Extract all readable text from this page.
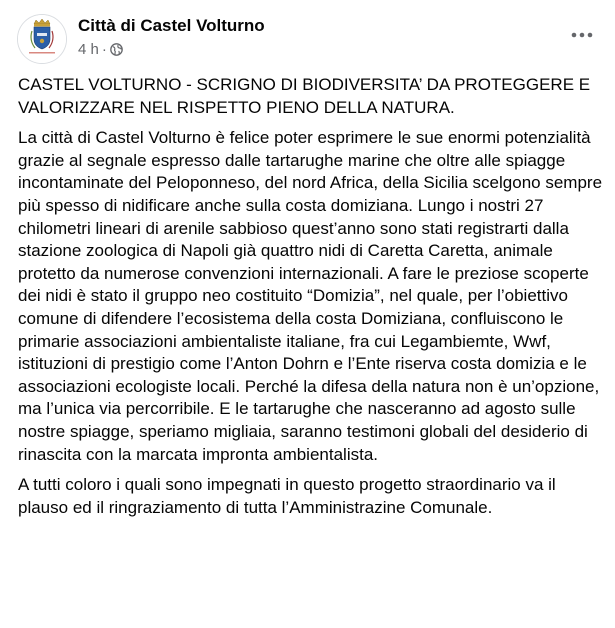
Città di Castel Volturno
4 h ·

CASTEL VOLTURNO - SCRIGNO DI BIODIVERSITA’ DA PROTEGGERE E VALORIZZARE NEL RISPETTO PIENO DELLA NATURA.

La città di Castel Volturno è felice poter esprimere le sue enormi potenzialità grazie al segnale espresso dalle tartarughe marine che oltre alle spiagge incontaminate del Peloponneso, del nord Africa, della Sicilia scelgono sempre più spesso di nidificare anche sulla costa domiziana. Lungo i nostri 27 chilometri lineari di arenile sabbioso quest’anno sono stati registrarti dalla stazione zoologica di Napoli già quattro nidi di Caretta Caretta, animale protetto da numerose convenzioni internazionali. A fare le preziose scoperte dei nidi è stato il gruppo neo costituito “Domizia”, nel quale, per l’obiettivo comune di difendere l’ecosistema della costa Domiziana, confluiscono le primarie associazioni ambientaliste italiane, fra cui Legambiemte, Wwf, istituzioni di prestigio come l’Anton Dohrn e l’Ente riserva costa domizia e le associazioni ecologiste locali. Perché la difesa della natura non è un’opzione, ma l’unica via percorribile. E le tartarughe che nasceranno ad agosto sulle nostre spiagge, speriamo migliaia, saranno testimoni globali del desiderio di rinascita con la marcata impronta ambientalista.

A tutti coloro i quali sono impegnati in questo progetto straordinario va il plauso ed il ringraziamento di tutta l’Amministrazine Comunale.
